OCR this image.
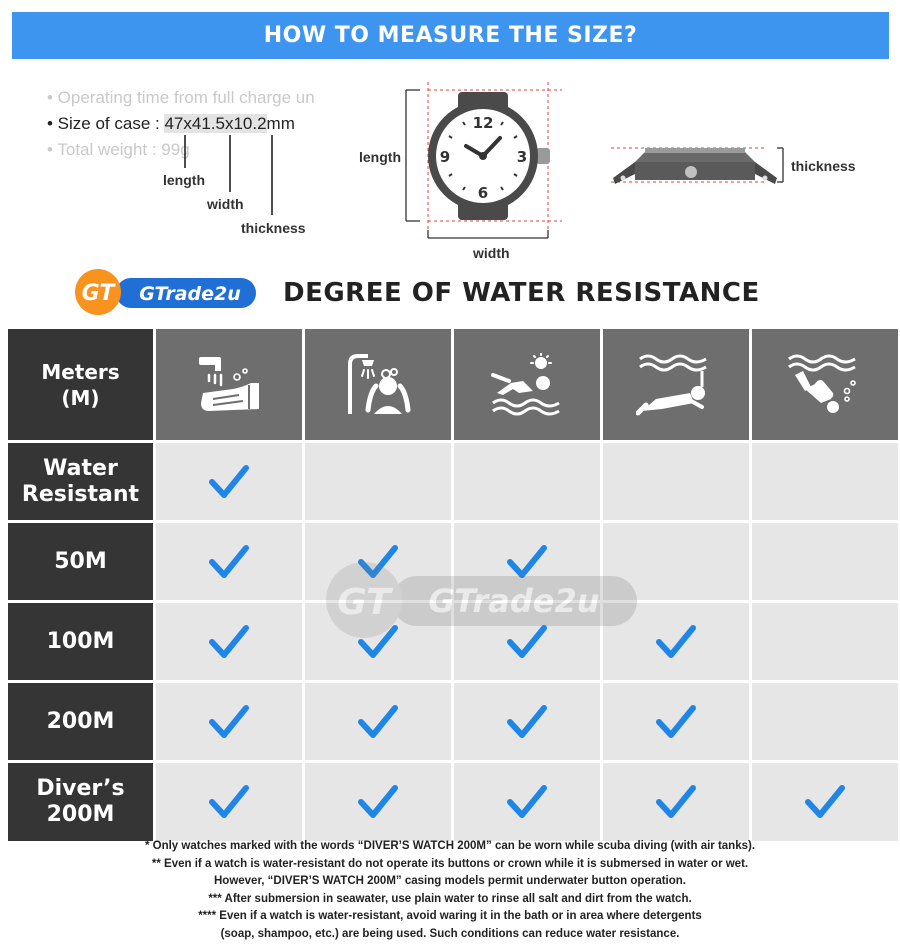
HOW TO MEASURE THE SIZE?
• Operating time from full charge un
• Size of case : 47x41.5x10.2mm
• Total weight : 99g
length
width
thickness
12
3
6
9
length
width
thickness
GT GTrade2u DEGREE OF WATER RESISTANCE
Meters
(M)
Water
Resistant
50M
100M
200M
Diver’s
200M
* Only watches marked with the words “DIVER’S WATCH 200M” can be worn while scuba diving (with air tanks).
** Even if a watch is water-resistant do not operate its buttons or crown while it is submersed in water or wet.
However, “DIVER’S WATCH 200M” casing models permit underwater button operation.
*** After submersion in seawater, use plain water to rinse all salt and dirt from the watch.
**** Even if a watch is water-resistant, avoid waring it in the bath or in area where detergents
(soap, shampoo, etc.) are being used. Such conditions can reduce water resistance.
